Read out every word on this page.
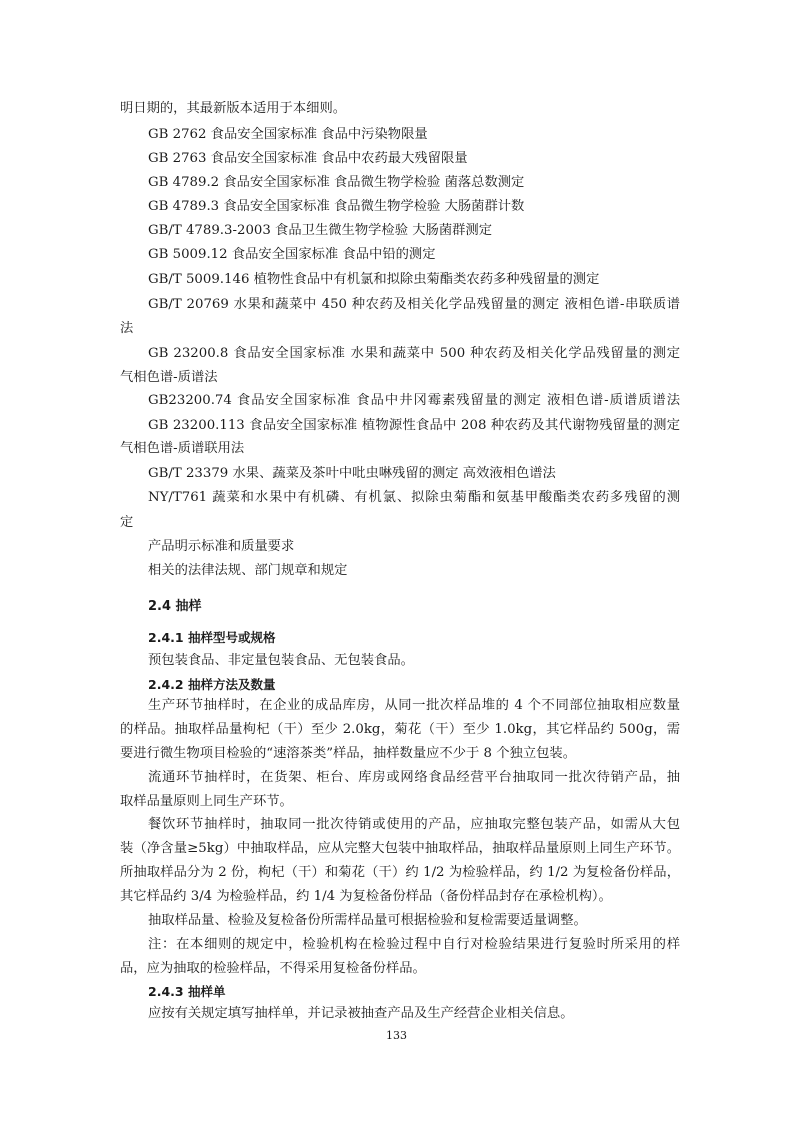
明日期的，其最新版本适用于本细则。
GB 2762 食品安全国家标准 食品中污染物限量
GB 2763 食品安全国家标准 食品中农药最大残留限量
GB 4789.2 食品安全国家标准 食品微生物学检验 菌落总数测定
GB 4789.3 食品安全国家标准 食品微生物学检验 大肠菌群计数
GB/T 4789.3-2003 食品卫生微生物学检验 大肠菌群测定
GB 5009.12 食品安全国家标准 食品中铅的测定
GB/T 5009.146 植物性食品中有机氯和拟除虫菊酯类农药多种残留量的测定
GB/T 20769 水果和蔬菜中 450 种农药及相关化学品残留量的测定 液相色谱-串联质谱
法
GB 23200.8 食品安全国家标准 水果和蔬菜中 500 种农药及相关化学品残留量的测定
气相色谱-质谱法
GB23200.74 食品安全国家标准 食品中井冈霉素残留量的测定 液相色谱-质谱质谱法
GB 23200.113 食品安全国家标准 植物源性食品中 208 种农药及其代谢物残留量的测定
气相色谱-质谱联用法
GB/T 23379 水果、蔬菜及茶叶中吡虫啉残留的测定 高效液相色谱法
NY/T761 蔬菜和水果中有机磷、有机氯、拟除虫菊酯和氨基甲酸酯类农药多残留的测
定
产品明示标准和质量要求
相关的法律法规、部门规章和规定
2.4 抽样
2.4.1 抽样型号或规格
预包装食品、非定量包装食品、无包装食品。
2.4.2 抽样方法及数量
生产环节抽样时，在企业的成品库房，从同一批次样品堆的 4 个不同部位抽取相应数量
的样品。抽取样品量枸杞（干）至少 2.0kg，菊花（干）至少 1.0kg，其它样品约 500g，需
要进行微生物项目检验的“速溶茶类”样品，抽样数量应不少于 8 个独立包装。
流通环节抽样时，在货架、柜台、库房或网络食品经营平台抽取同一批次待销产品，抽
取样品量原则上同生产环节。
餐饮环节抽样时，抽取同一批次待销或使用的产品，应抽取完整包装产品，如需从大包
装（净含量≥5kg）中抽取样品，应从完整大包装中抽取样品，抽取样品量原则上同生产环节。
所抽取样品分为 2 份，枸杞（干）和菊花（干）约 1/2 为检验样品，约 1/2 为复检备份样品，
其它样品约 3/4 为检验样品，约 1/4 为复检备份样品（备份样品封存在承检机构）。
抽取样品量、检验及复检备份所需样品量可根据检验和复检需要适量调整。
注：在本细则的规定中，检验机构在检验过程中自行对检验结果进行复验时所采用的样
品，应为抽取的检验样品，不得采用复检备份样品。
2.4.3 抽样单
应按有关规定填写抽样单，并记录被抽查产品及生产经营企业相关信息。
133
